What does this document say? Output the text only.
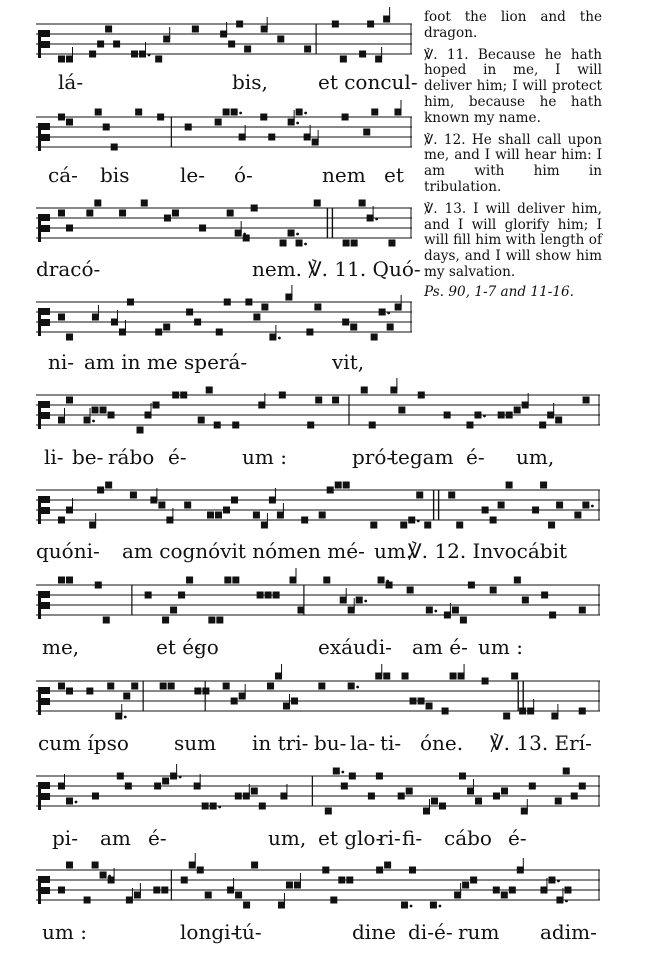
lá-	bis,	et concul-
cá- bis	le- ó-	nem et
dracó-	nem. ℣. 11. Quó-
ni- am in me sperá-	vit,

foot the lion and the dragon.

℣. 11. Because he hath hoped in me, I will deliver him; I will protect him, because he hath known my name.

℣. 12. He shall call upon me, and I will hear him: I am with him in tribulation.

℣. 13. I will deliver him, and I will glorify him; I will fill him with length of days, and I will show him my salvation.

Ps. 90, 1-7 and 11-16.

li- be- rábo é-	um :	pró-
tegam é- um,
quóni- am cognóvit nómen mé- um.
℣. 12. Invocábit
me,	et é-
go	exáudi- am é- um :
cum ípso sum in tri- bu- la- ti- óne. ℣. 13. Erí-
pi- am é-	um, et glo-
ri- fi- cábo é-
um :	longi-
tú-	dine di- é- rum adim-
